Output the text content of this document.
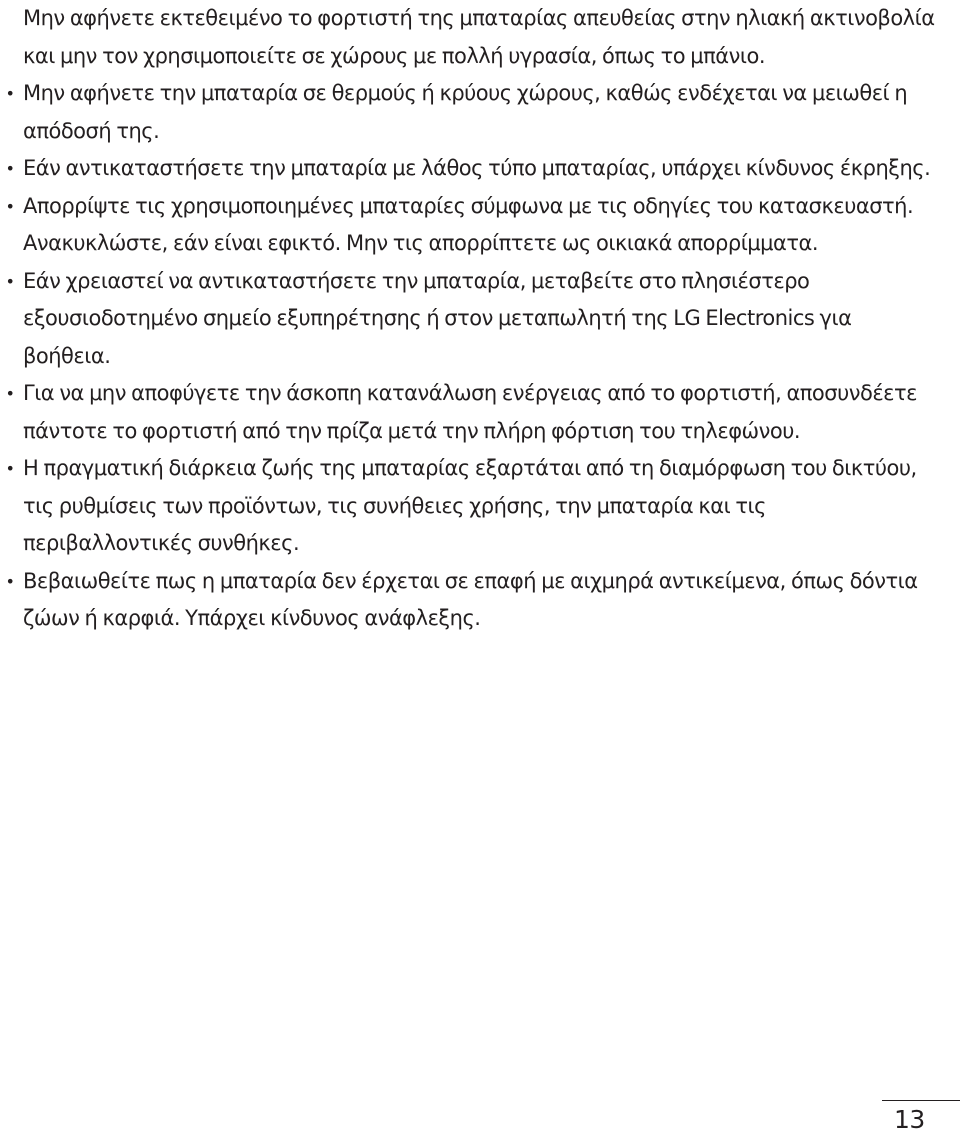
Μην αφήνετε εκτεθειμένο το φορτιστή της μπαταρίας απευθείας στην ηλιακή ακτινοβολία και μην τον χρησιμοποιείτε σε χώρους με πολλή υγρασία, όπως το μπάνιο.
• Μην αφήνετε την μπαταρία σε θερμούς ή κρύους χώρους, καθώς ενδέχεται να μειωθεί η απόδοσή της.
• Εάν αντικαταστήσετε την μπαταρία με λάθος τύπο μπαταρίας, υπάρχει κίνδυνος έκρηξης.
• Απορρίψτε τις χρησιμοποιημένες μπαταρίες σύμφωνα με τις οδηγίες του κατασκευαστή. Ανακυκλώστε, εάν είναι εφικτό. Μην τις απορρίπτετε ως οικιακά απορρίμματα.
• Εάν χρειαστεί να αντικαταστήσετε την μπαταρία, μεταβείτε στο πλησιέστερο εξουσιοδοτημένο σημείο εξυπηρέτησης ή στον μεταπωλητή της LG Electronics για βοήθεια.
• Για να μην αποφύγετε την άσκοπη κατανάλωση ενέργειας από το φορτιστή, αποσυνδέετε πάντοτε το φορτιστή από την πρίζα μετά την πλήρη φόρτιση του τηλεφώνου.
• Η πραγματική διάρκεια ζωής της μπαταρίας εξαρτάται από τη διαμόρφωση του δικτύου, τις ρυθμίσεις των προϊόντων, τις συνήθειες χρήσης, την μπαταρία και τις περιβαλλοντικές συνθήκες.
• Βεβαιωθείτε πως η μπαταρία δεν έρχεται σε επαφή με αιχμηρά αντικείμενα, όπως δόντια ζώων ή καρφιά. Υπάρχει κίνδυνος ανάφλεξης.
13
